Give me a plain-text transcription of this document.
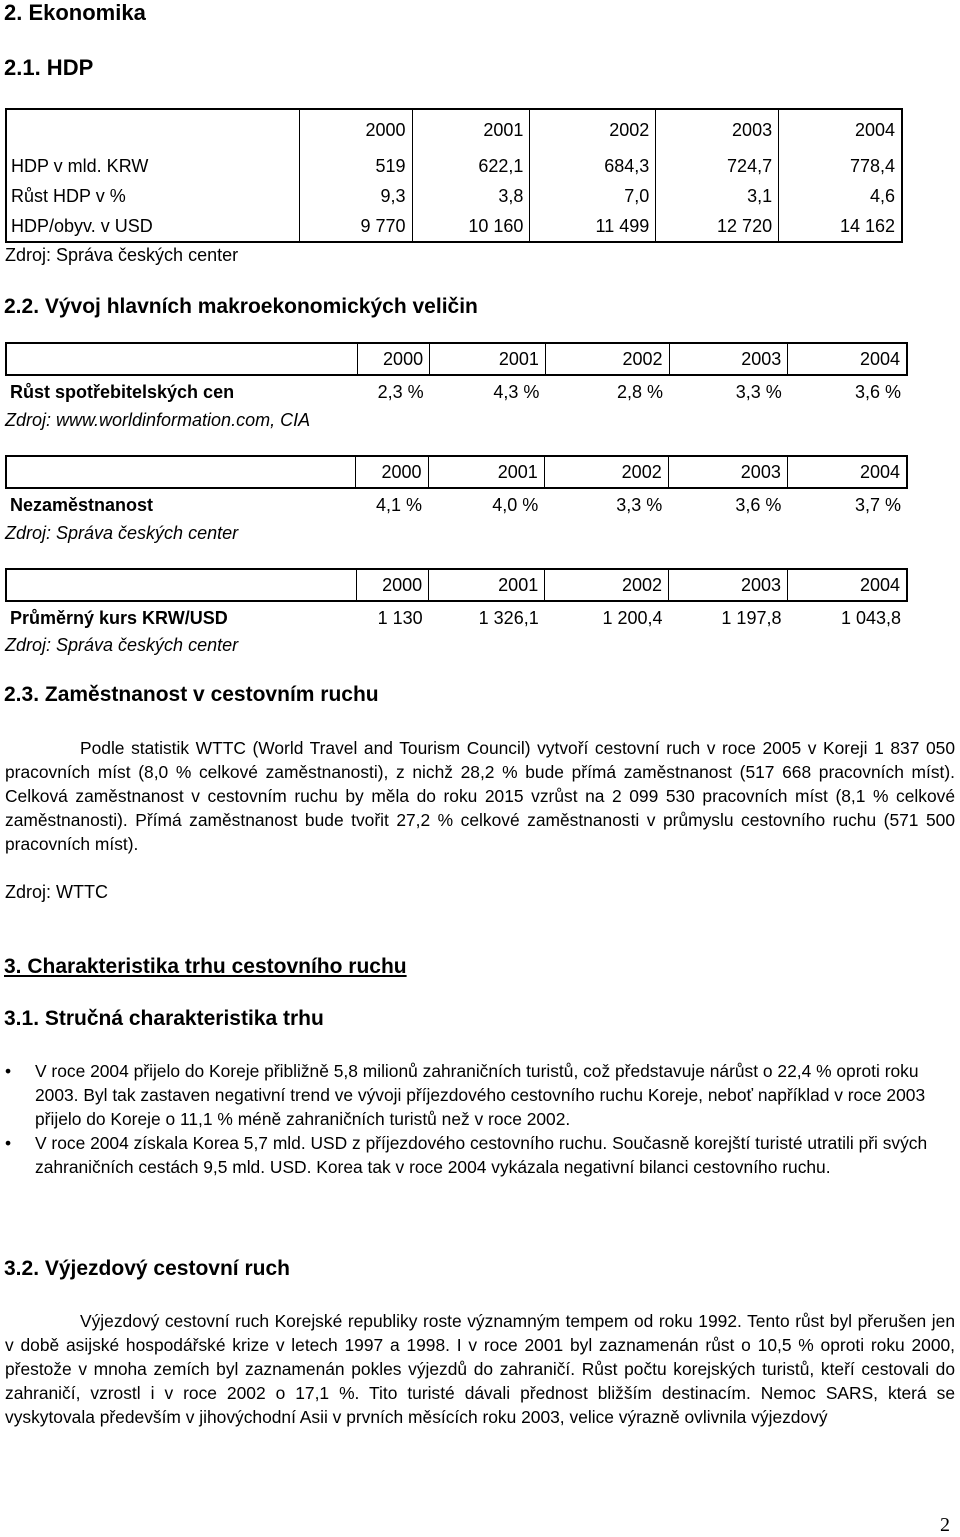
2. Ekonomika
2.1. HDP
	2000	2001	2002	2003	2004
HDP v mld. KRW	519	622,1	684,3	724,7	778,4
Růst HDP v %	9,3	3,8	7,0	3,1	4,6
HDP/obyv. v USD	9 770	10 160	11 499	12 720	14 162
Zdroj: Správa českých center
2.2. Vývoj hlavních makroekonomických veličin
	2000	2001	2002	2003	2004
Růst spotřebitelských cen	2,3 %	4,3 %	2,8 %	3,3 %	3,6 %
Zdroj: www.worldinformation.com, CIA
	2000	2001	2002	2003	2004
Nezaměstnanost	4,1 %	4,0 %	3,3 %	3,6 %	3,7 %
Zdroj: Správa českých center
	2000	2001	2002	2003	2004
Průměrný kurs KRW/USD	1 130	1 326,1	1 200,4	1 197,8	1 043,8
Zdroj: Správa českých center
2.3. Zaměstnanost v cestovním ruchu

Podle statistik WTTC (World Travel and Tourism Council) vytvoří cestovní ruch v roce 2005 v Koreji 1 837 050 pracovních míst (8,0 % celkové zaměstnanosti), z nichž 28,2 % bude přímá zaměstnanost (517 668 pracovních míst). Celková zaměstnanost v cestovním ruchu by měla do roku 2015 vzrůst na 2 099 530 pracovních míst (8,1 % celkové zaměstnanosti). Přímá zaměstnanost bude tvořit 27,2 % celkové zaměstnanosti v průmyslu cestovního ruchu (571 500 pracovních míst).

Zdroj: WTTC
3. Charakteristika trhu cestovního ruchu
3.1. Stručná charakteristika trhu
• V roce 2004 přijelo do Koreje přibližně 5,8 milionů zahraničních turistů, což představuje nárůst o 22,4 % oproti roku 2003. Byl tak zastaven negativní trend ve vývoji příjezdového cestovního ruchu Koreje, neboť například v roce 2003 přijelo do Koreje o 11,1 % méně zahraničních turistů než v roce 2002.
• V roce 2004 získala Korea 5,7 mld. USD z příjezdového cestovního ruchu. Současně korejští turisté utratili při svých zahraničních cestách 9,5 mld. USD. Korea tak v roce 2004 vykázala negativní bilanci cestovního ruchu.
3.2. Výjezdový cestovní ruch

Výjezdový cestovní ruch Korejské republiky roste významným tempem od roku 1992. Tento růst byl přerušen jen v době asijské hospodářské krize v letech 1997 a 1998. I v roce 2001 byl zaznamenán růst o 10,5 % oproti roku 2000, přestože v mnoha zemích byl zaznamenán pokles výjezdů do zahraničí. Růst počtu korejských turistů, kteří cestovali do zahraničí, vzrostl i v roce 2002 o 17,1 %. Tito turisté dávali přednost bližším destinacím. Nemoc SARS, která se vyskytovala především v jihovýchodní Asii v prvních měsících roku 2003, velice výrazně ovlivnila výjezdový

2
